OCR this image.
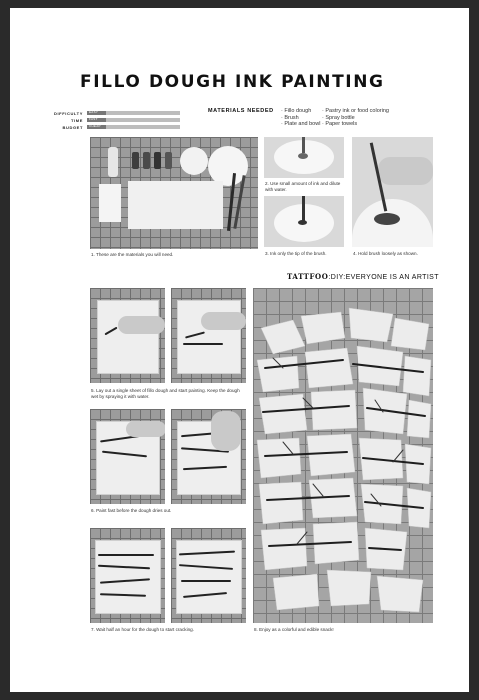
FILLO DOUGH INK PAINTING
DIFFICULTY EASY
TIME FAST
BUDGET CHEAP
MATERIALS NEEDED · Fillo dough
· Brush
· Plate and bowl
· Pastry ink or food coloring
· Spray bottle
· Paper towels
1. These are the materials you will need.
2. Use small amount of ink and dilute with water.
3. Ink only the tip of the brush.	4. Hold brush loosely as shown.
TATTFOO:DIY:EVERYONE IS AN ARTIST
5. Lay out a single sheet of fillo dough and start painting. Keep the dough wet by spraying it with water.
6. Paint fast before the dough dries out.
7. Wait half an hour for the dough to start cracking.	8. Enjoy as a colorful and edible snack!
